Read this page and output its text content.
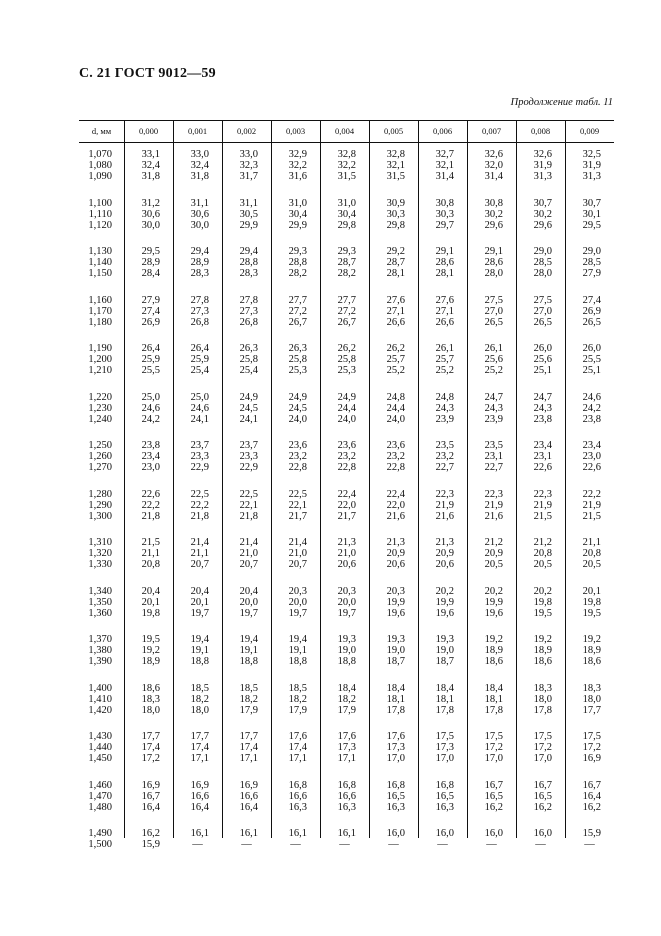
С. 21 ГОСТ 9012—59
Продолжение табл. 11
d, мм	0,000	0,001	0,002	0,003	0,004	0,005	0,006	0,007	0,008	0,009
1,070	33,1	33,0	33,0	32,9	32,8	32,8	32,7	32,6	32,6	32,5
1,080	32,4	32,4	32,3	32,2	32,2	32,1	32,1	32,0	31,9	31,9
1,090	31,8	31,8	31,7	31,6	31,5	31,5	31,4	31,4	31,3	31,3
1,100	31,2	31,1	31,1	31,0	31,0	30,9	30,8	30,8	30,7	30,7
1,110	30,6	30,6	30,5	30,4	30,4	30,3	30,3	30,2	30,2	30,1
1,120	30,0	30,0	29,9	29,9	29,8	29,8	29,7	29,6	29,6	29,5
1,130	29,5	29,4	29,4	29,3	29,3	29,2	29,1	29,1	29,0	29,0
1,140	28,9	28,9	28,8	28,8	28,7	28,7	28,6	28,6	28,5	28,5
1,150	28,4	28,3	28,3	28,2	28,2	28,1	28,1	28,0	28,0	27,9
1,160	27,9	27,8	27,8	27,7	27,7	27,6	27,6	27,5	27,5	27,4
1,170	27,4	27,3	27,3	27,2	27,2	27,1	27,1	27,0	27,0	26,9
1,180	26,9	26,8	26,8	26,7	26,7	26,6	26,6	26,5	26,5	26,5
1,190	26,4	26,4	26,3	26,3	26,2	26,2	26,1	26,1	26,0	26,0
1,200	25,9	25,9	25,8	25,8	25,8	25,7	25,7	25,6	25,6	25,5
1,210	25,5	25,4	25,4	25,3	25,3	25,2	25,2	25,2	25,1	25,1
1,220	25,0	25,0	24,9	24,9	24,9	24,8	24,8	24,7	24,7	24,6
1,230	24,6	24,6	24,5	24,5	24,4	24,4	24,3	24,3	24,3	24,2
1,240	24,2	24,1	24,1	24,0	24,0	24,0	23,9	23,9	23,8	23,8
1,250	23,8	23,7	23,7	23,6	23,6	23,6	23,5	23,5	23,4	23,4
1,260	23,4	23,3	23,3	23,2	23,2	23,2	23,2	23,1	23,1	23,0
1,270	23,0	22,9	22,9	22,8	22,8	22,8	22,7	22,7	22,6	22,6
1,280	22,6	22,5	22,5	22,5	22,4	22,4	22,3	22,3	22,3	22,2
1,290	22,2	22,2	22,1	22,1	22,0	22,0	21,9	21,9	21,9	21,9
1,300	21,8	21,8	21,8	21,7	21,7	21,6	21,6	21,6	21,5	21,5
1,310	21,5	21,4	21,4	21,4	21,3	21,3	21,3	21,2	21,2	21,1
1,320	21,1	21,1	21,0	21,0	21,0	20,9	20,9	20,9	20,8	20,8
1,330	20,8	20,7	20,7	20,7	20,6	20,6	20,6	20,5	20,5	20,5
1,340	20,4	20,4	20,4	20,3	20,3	20,3	20,2	20,2	20,2	20,1
1,350	20,1	20,1	20,0	20,0	20,0	19,9	19,9	19,9	19,8	19,8
1,360	19,8	19,7	19,7	19,7	19,7	19,6	19,6	19,6	19,5	19,5
1,370	19,5	19,4	19,4	19,4	19,3	19,3	19,3	19,2	19,2	19,2
1,380	19,2	19,1	19,1	19,1	19,0	19,0	19,0	18,9	18,9	18,9
1,390	18,9	18,8	18,8	18,8	18,8	18,7	18,7	18,6	18,6	18,6
1,400	18,6	18,5	18,5	18,5	18,4	18,4	18,4	18,4	18,3	18,3
1,410	18,3	18,2	18,2	18,2	18,2	18,1	18,1	18,1	18,0	18,0
1,420	18,0	18,0	17,9	17,9	17,9	17,8	17,8	17,8	17,8	17,7
1,430	17,7	17,7	17,7	17,6	17,6	17,6	17,5	17,5	17,5	17,5
1,440	17,4	17,4	17,4	17,4	17,3	17,3	17,3	17,2	17,2	17,2
1,450	17,2	17,1	17,1	17,1	17,1	17,0	17,0	17,0	17,0	16,9
1,460	16,9	16,9	16,9	16,8	16,8	16,8	16,8	16,7	16,7	16,7
1,470	16,7	16,6	16,6	16,6	16,6	16,5	16,5	16,5	16,5	16,4
1,480	16,4	16,4	16,4	16,3	16,3	16,3	16,3	16,2	16,2	16,2
1,490	16,2	16,1	16,1	16,1	16,1	16,0	16,0	16,0	16,0	15,9
1,500	15,9	—	—	—	—	—	—	—	—	—
